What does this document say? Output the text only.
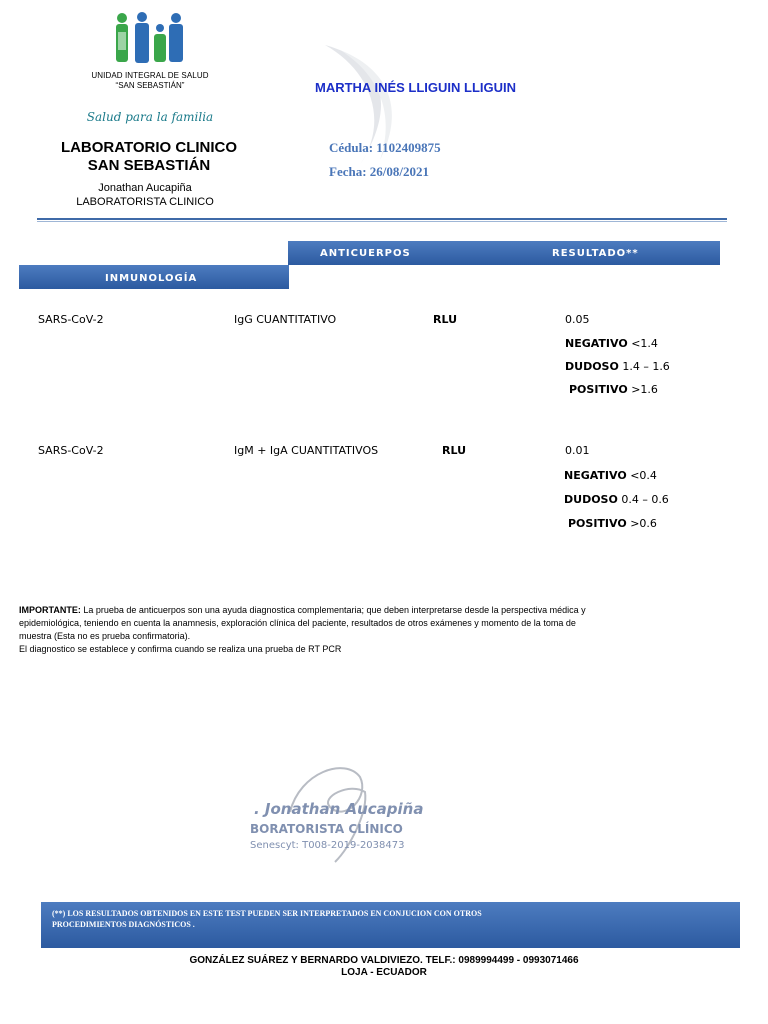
UNIDAD INTEGRAL DE SALUD
“SAN SEBASTIÁN”
Salud para la familia
LABORATORIO CLINICO
SAN SEBASTIÁN
Jonathan Aucapiña
LABORATORISTA CLINICO
MARTHA INÉS LLIGUIN LLIGUIN
Cédula: 1102409875
Fecha: 26/08/2021
ANTICUERPOS	RESULTADO**
INMUNOLOGÍA
SARS-CoV-2	IgG CUANTITATIVO	RLU	0.05
NEGATIVO <1.4
DUDOSO 1.4 – 1.6
POSITIVO >1.6
SARS-CoV-2	IgM + IgA CUANTITATIVOS	RLU	0.01
NEGATIVO <0.4
DUDOSO 0.4 – 0.6
POSITIVO >0.6
IMPORTANTE: La prueba de anticuerpos son una ayuda diagnostica complementaria; que deben interpretarse desde la perspectiva médica y
epidemiológica, teniendo en cuenta la anamnesis, exploración clínica del paciente, resultados de otros exámenes y momento de la toma de
muestra (Esta no es prueba confirmatoria).
El diagnostico se establece y confirma cuando se realiza una prueba de RT PCR
. Jonathan Aucapiña
BORATORISTA CLÍNICO
Senescyt: T008-2019-2038473
(**) LOS RESULTADOS OBTENIDOS EN ESTE TEST PUEDEN SER INTERPRETADOS EN CONJUCION CON OTROS
PROCEDIMIENTOS DIAGNÓSTICOS .
GONZÁLEZ SUÁREZ Y BERNARDO VALDIVIEZO. TELF.: 0989994499 - 0993071466
LOJA - ECUADOR
